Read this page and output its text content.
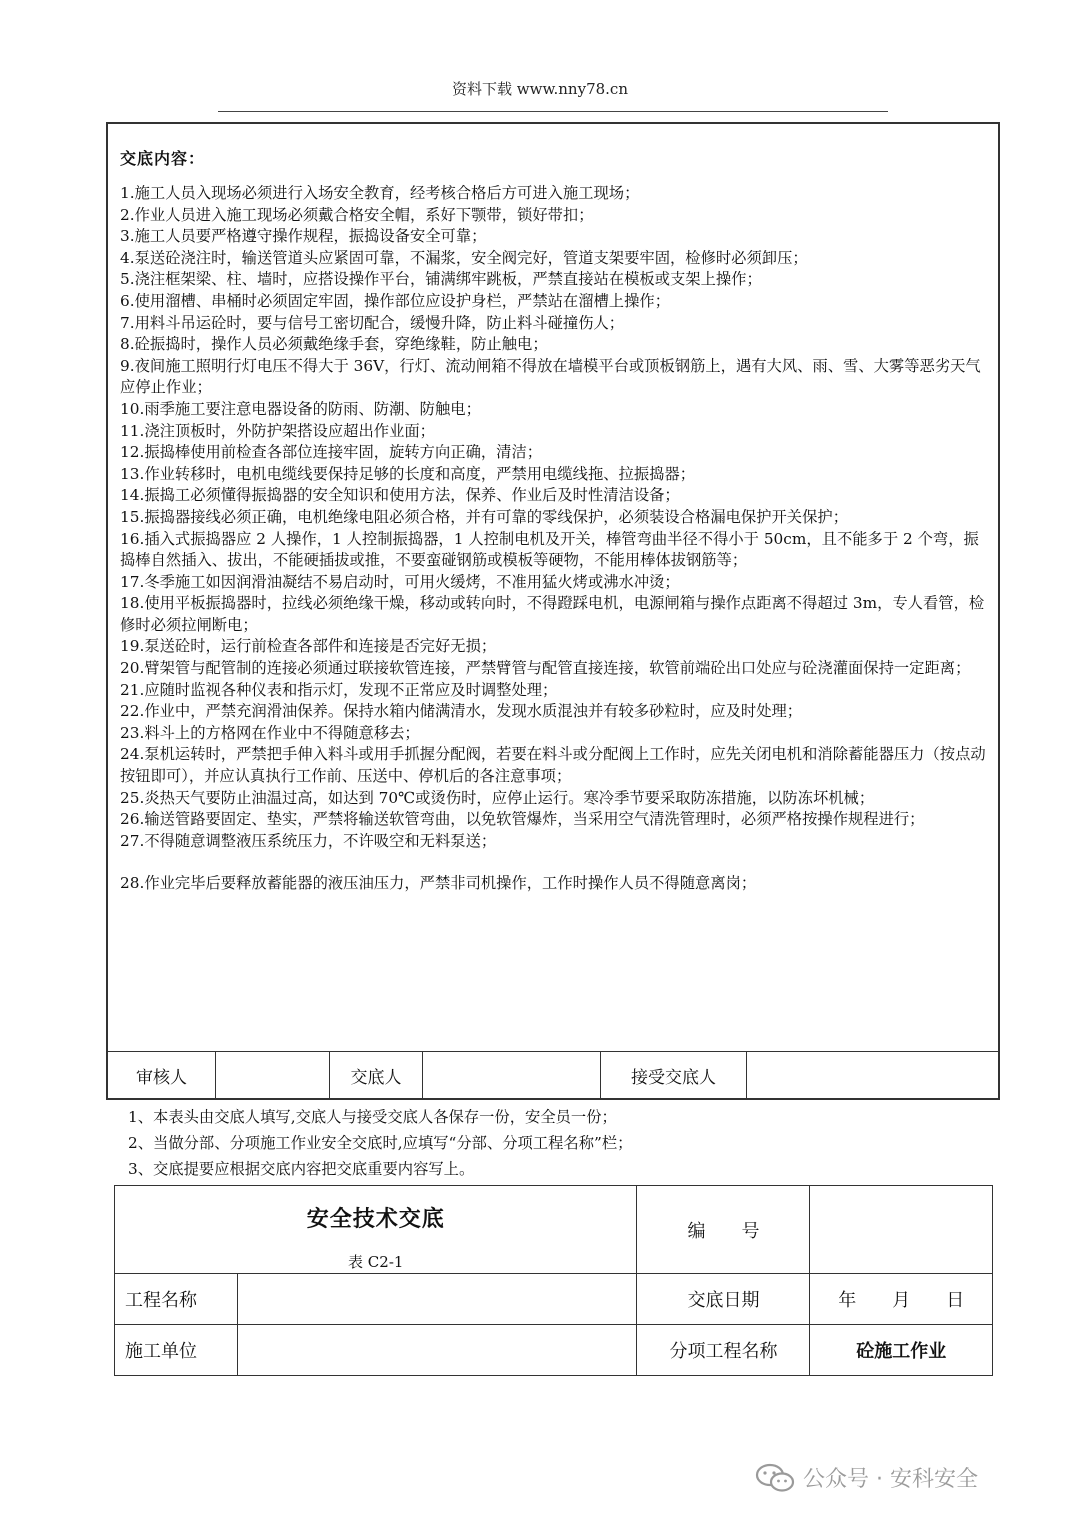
资料下载 www.nny78.cn
交底内容：
1.施工人员入现场必须进行入场安全教育，经考核合格后方可进入施工现场；
2.作业人员进入施工现场必须戴合格安全帽，系好下颚带，锁好带扣；
3.施工人员要严格遵守操作规程，振捣设备安全可靠；
4.泵送砼浇注时，输送管道头应紧固可靠，不漏浆，安全阀完好，管道支架要牢固，检修时必须卸压；
5.浇注框架梁、柱、墙时，应搭设操作平台，铺满绑牢跳板，严禁直接站在模板或支架上操作；
6.使用溜槽、串桶时必须固定牢固，操作部位应设护身栏，严禁站在溜槽上操作；
7.用料斗吊运砼时，要与信号工密切配合，缓慢升降，防止料斗碰撞伤人；
8.砼振捣时，操作人员必须戴绝缘手套，穿绝缘鞋，防止触电；
9.夜间施工照明行灯电压不得大于 36V，行灯、流动闸箱不得放在墙模平台或顶板钢筋上，遇有大风、雨、雪、大雾等恶劣天气应停止作业；
10.雨季施工要注意电器设备的防雨、防潮、防触电；
11.浇注顶板时，外防护架搭设应超出作业面；
12.振捣棒使用前检查各部位连接牢固，旋转方向正确，清洁；
13.作业转移时，电机电缆线要保持足够的长度和高度，严禁用电缆线拖、拉振捣器；
14.振捣工必须懂得振捣器的安全知识和使用方法，保养、作业后及时性清洁设备；
15.振捣器接线必须正确，电机绝缘电阻必须合格，并有可靠的零线保护，必须装设合格漏电保护开关保护；
16.插入式振捣器应 2 人操作，1 人控制振捣器，1 人控制电机及开关，棒管弯曲半径不得小于 50cm，且不能多于 2 个弯，振捣棒自然插入、拔出，不能硬插拔或推，不要蛮碰钢筋或模板等硬物，不能用棒体拔钢筋等；
17.冬季施工如因润滑油凝结不易启动时，可用火缓烤，不准用猛火烤或沸水冲烫；
18.使用平板振捣器时，拉线必须绝缘干燥，移动或转向时，不得蹬踩电机，电源闸箱与操作点距离不得超过 3m，专人看管，检修时必须拉闸断电；
19.泵送砼时，运行前检查各部件和连接是否完好无损；
20.臂架管与配管制的连接必须通过联接软管连接，严禁臂管与配管直接连接，软管前端砼出口处应与砼浇灌面保持一定距离；
21.应随时监视各种仪表和指示灯，发现不正常应及时调整处理；
22.作业中，严禁充润滑油保养。保持水箱内储满清水，发现水质混浊并有较多砂粒时，应及时处理；
23.料斗上的方格网在作业中不得随意移去；
24.泵机运转时，严禁把手伸入料斗或用手抓握分配阀，若要在料斗或分配阀上工作时，应先关闭电机和消除蓄能器压力（按点动按钮即可），并应认真执行工作前、压送中、停机后的各注意事项；
25.炎热天气要防止油温过高，如达到 70℃或烫伤时，应停止运行。寒冷季节要采取防冻措施，以防冻坏机械；
26.输送管路要固定、垫实，严禁将输送软管弯曲，以免软管爆炸，当采用空气清洗管理时，必须严格按操作规程进行；
27.不得随意调整液压系统压力，不许吸空和无料泵送；
28.作业完毕后要释放蓄能器的液压油压力，严禁非司机操作，工作时操作人员不得随意离岗；
审核人	交底人	接受交底人
1、本表头由交底人填写,交底人与接受交底人各保存一份，安全员一份；
2、当做分部、分项施工作业安全交底时,应填写“分部、分项工程名称”栏；
3、交底提要应根据交底内容把交底重要内容写上。
安全技术交底
表 C2-1		编　　号	
工程名称		交底日期	年　　月　　日
施工单位		分项工程名称	砼施工作业
公众号 · 安科安全
